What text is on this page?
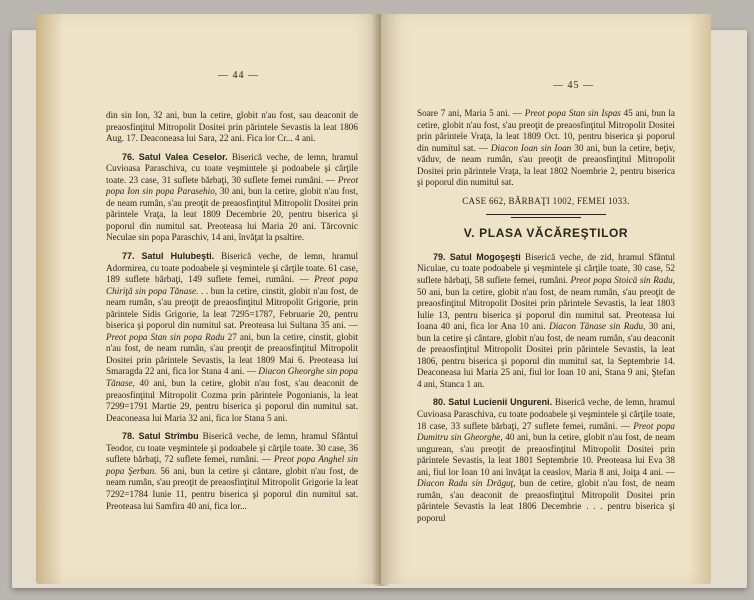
— 44 —

din sin Ion, 32 ani, bun la cetire, globit n'au fost, sau deaconit de preaosfinţitul Mitropolit Dositei prin părintele Sevastis la leat 1806 Aug. 17. Deaconeasa lui Sara, 22 ani. Fica lor Cr... 4 ani.

76. Satul Valea Ceselor. Biserică veche, de lemn, hramul Cuvioasa Paraschiva, cu toate veşmintele şi podoabele şi cărţile toate. 23 case, 31 suflete bărbaţi, 30 suflete femei rumâni. — Preot popa Ion sin popa Parasehio, 30 ani, bun la cetire, globit n'au fost, de neam rumân, s'au preoţit de preaosfinţitul Mitropolit Dositei prin părintele Vraţa, la leat 1809 Decembrie 20, pentru biserica şi poporul din numitul sat. Preoteasa lui Maria 20 ani. Tărcovnic Neculae sin popa Paraschiv, 14 ani, învăţat la psaltire.

77. Satul Hulubeşti. Biserică veche, de lemn, hramul Adormirea, cu toate podoabele şi veşmintele şi cărţile toate. 61 case, 189 suflete bărbaţi, 149 suflete femei, rumâni. — Preot popa Chiriţă sin popa Tănase. . . bun la cetire, cinstit, globit n'au fost, de neam rumân, s'au preoţit de preaosfinţitul Mitropolit Grigorie, prin părintele Sidis Grigorie, la leat 7295=1787, Februarie 20, pentru biserica şi poporul din numitul sat. Preoteasa lui Sultana 35 ani. — Preot popa Stan sin popa Radu 27 ani, bun la cetire, cinstit, globit n'au fost, de neam rumân, s'au preoţit de preaosfinţitul Mitropolit Dositei prin părintele Sevastis, la leat 1809 Mai 6. Preoteasa lui Smaragda 22 ani, fica lor Stana 4 ani. — Diacon Gheorghe sin popa Tănase, 40 ani, bun la cetire, globit n'au fost, s'au deaconit de preaosfinţitul Mitropolit Cozma prin părintele Pogonianis, la leat 7299=1791 Martie 29, pentru biserica şi poporul din numitul sat. Deaconeasa lui Maria 32 ani, fica lor Stana 5 ani.

78. Satul Strîmbu Biserică veche, de lemn, hramul Sfântul Teodor, cu toate veşmintele şi podoabele şi cărţile toate. 30 case, 36 suflete bărbaţi, 72 suflete femei, rumâni. — Preot popa Anghel sin popa Şerban. 56 ani, bun la cetire şi cântare, globit n'au fost, de neam rumân, s'au preoţit de preaosfinţitul Mitropolit Grigorie la leat 7292=1784 Iunie 11, pentru biserica şi poporul din numitul sat. Preoteasa lui Samfira 40 ani, fica lor...

— 45 —

Soare 7 ani, Maria 5 ani. — Preot popa Stan sin Ispas 45 ani, bun la cetire, globit n'au fost, s'au preoţit de preaosfinţitul Mitropolit Dositei prin părintele Vraţa, la leat 1809 Oct. 10, pentru biserica şi poporul din numitul sat. — Diacon Ioan sin Ioan 30 ani, bun la cetire, beţiv, văduv, de neam rumân, s'au preoţit de preaosfinţitul Mitropolit Dositei prin părintele Vraţa, la leat 1802 Noembrie 2, pentru biserica şi poporul din numitul sat.

CASE 662, BĂRBAŢI 1002, FEMEI 1033.
V. PLASA VĂCĂREŞTILOR

79. Satul Mogoşeşti Biserică veche, de zid, hramul Sfântul Niculae, cu toate podoabele şi veşmintele şi cărţile toate, 30 case, 52 suflete bărbaţi, 58 suflete femei, rumâni. Preot popa Stoică sin Radu, 50 ani, bun la cetire, globit n'au fost, de neam rumân, s'au preoţit de preaosfinţitul Mitropolit Dositei prin părintele Sevastis, la leat 1803 Iulie 13, pentru biserica şi poporul din numitul sat. Preoteasa lui Ioana 40 ani, fica lor Ana 10 ani. Diacon Tănase sin Radu, 30 ani, bun la cetire şi cântare, globit n'au fost, de neam rumân, s'au deaconit de preaosfinţitul Mitropolit Dositei prin părintele Sevastis, la leat 1806, pentru biserica şi poporul din numitul sat, la Septembrie 14. Deaconeasa lui Maria 25 ani, fiul lor Ioan 10 ani, Stana 9 ani, Ştefan 4 ani, Stanca 1 an.

80. Satul Lucienii Ungureni. Biserică veche, de lemn, hramul Cuvioasa Paraschiva, cu toate podoabele şi veşmintele şi cărţile toate, 18 case, 33 suflete bărbaţi, 27 suflete femei, rumâni. — Preot popa Dumitru sin Gheorghe, 40 ani, bun la cetire, globit n'au fost, de neam ungurean, s'au preoţit de preaosfinţitul Mitropolit Dositei prin părintele Sevastis, la leat 1801 Septembrie 10. Preoteasa lui Eva 38 ani, fiul lor Ioan 10 ani învăţat la ceaslov, Maria 8 ani, Joiţa 4 ani. — Diacon Radu sin Drăguţ, bun de cetire, globit n'au fost, de neam rumân, s'au deaconit de preaosfinţitul Mitropolit Dositei prin părintele Sevastis la leat 1806 Decembrie . . . pentru biserica şi poporul
